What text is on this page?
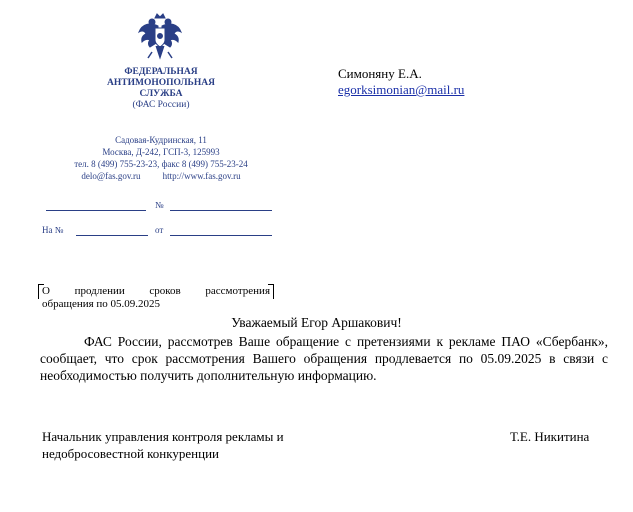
ФЕДЕРАЛЬНАЯ
АНТИМОНОПОЛЬНАЯ
СЛУЖБА
(ФАС России)
Садовая-Кудринская, 11
Москва, Д-242, ГСП-3, 125993
тел. 8 (499) 755-23-23, факс 8 (499) 755-23-24
delo@fas.gov.ru http://www.fas.gov.ru
№
На №	от
Симоняну Е.А.
egorksimonian@mail.ru
О продлении сроков рассмотрения
обращения по 05.09.2025
Уважаемый Егор Аршакович!
ФАС России, рассмотрев Ваше обращение с претензиями к рекламе ПАО «Сбербанк», сообщает, что срок рассмотрения Вашего обращения продлевается по 05.09.2025 в связи с необходимостью получить дополнительную информацию.
Начальник управления контроля рекламы и
недобросовестной конкуренции
Т.Е. Никитина
